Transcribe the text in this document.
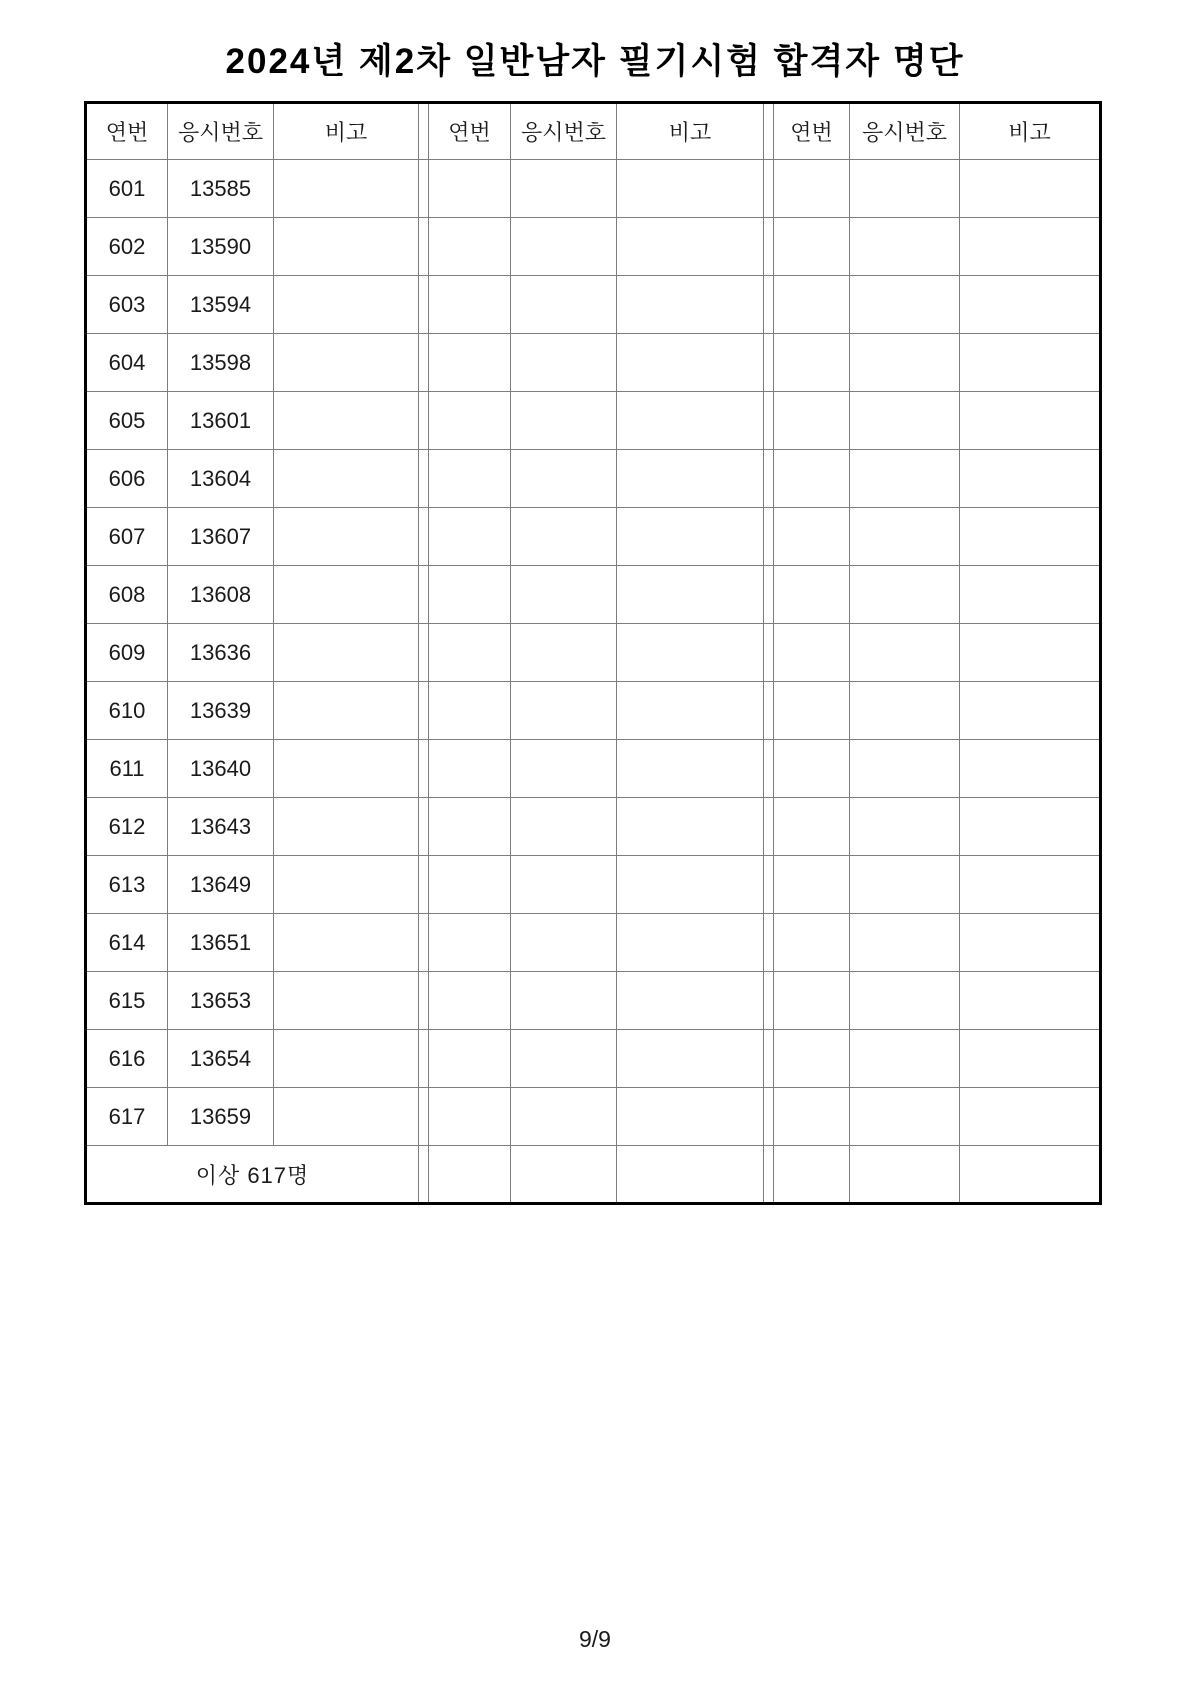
2024년 제2차 일반남자 필기시험 합격자 명단
연번	응시번호	비고		연번	응시번호	비고		연번	응시번호	비고
601	13585									
602	13590									
603	13594									
604	13598									
605	13601									
606	13604									
607	13607									
608	13608									
609	13636									
610	13639									
611	13640									
612	13643									
613	13649									
614	13651									
615	13653									
616	13654									
617	13659									
이상 617명										
9/9
